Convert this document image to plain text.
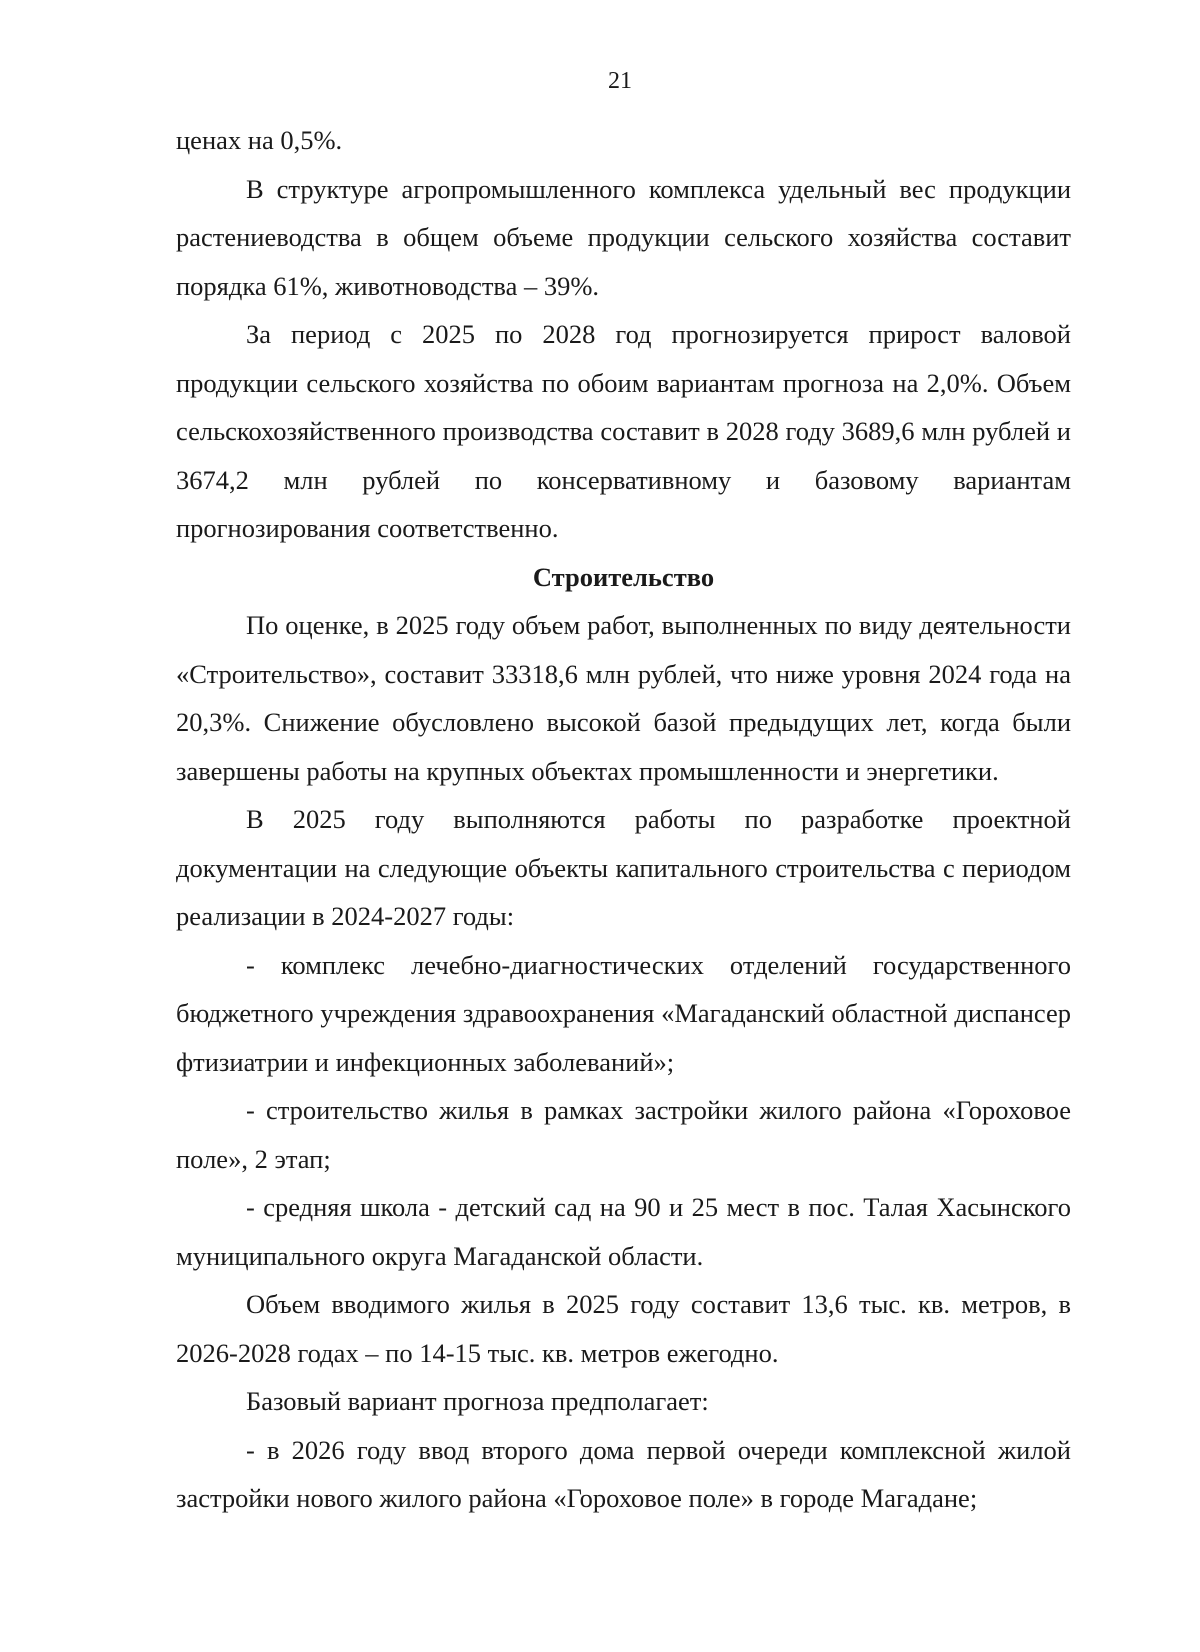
21

ценах на 0,5%.

В структуре агропромышленного комплекса удельный вес продукции растениеводства в общем объеме продукции сельского хозяйства составит порядка 61%, животноводства – 39%.

За период с 2025 по 2028 год прогнозируется прирост валовой продукции сельского хозяйства по обоим вариантам прогноза на 2,0%. Объем сельскохозяйственного производства составит в 2028 году 3689,6 млн рублей и 3674,2 млн рублей по консервативному и базовому вариантам прогнозирования соответственно.

Строительство

По оценке, в 2025 году объем работ, выполненных по виду деятельности «Строительство», составит 33318,6 млн рублей, что ниже уровня 2024 года на 20,3%. Снижение обусловлено высокой базой предыдущих лет, когда были завершены работы на крупных объектах промышленности и энергетики.

В 2025 году выполняются работы по разработке проектной документации на следующие объекты капитального строительства с периодом реализации в 2024-2027 годы:

- комплекс лечебно-диагностических отделений государственного бюджетного учреждения здравоохранения «Магаданский областной диспансер фтизиатрии и инфекционных заболеваний»;

- строительство жилья в рамках застройки жилого района «Гороховое поле», 2 этап;

- средняя школа - детский сад на 90 и 25 мест в пос. Талая Хасынского муниципального округа Магаданской области.

Объем вводимого жилья в 2025 году составит 13,6 тыс. кв. метров, в 2026-2028 годах – по 14-15 тыс. кв. метров ежегодно.

Базовый вариант прогноза предполагает:

- в 2026 году ввод второго дома первой очереди комплексной жилой застройки нового жилого района «Гороховое поле» в городе Магадане;
